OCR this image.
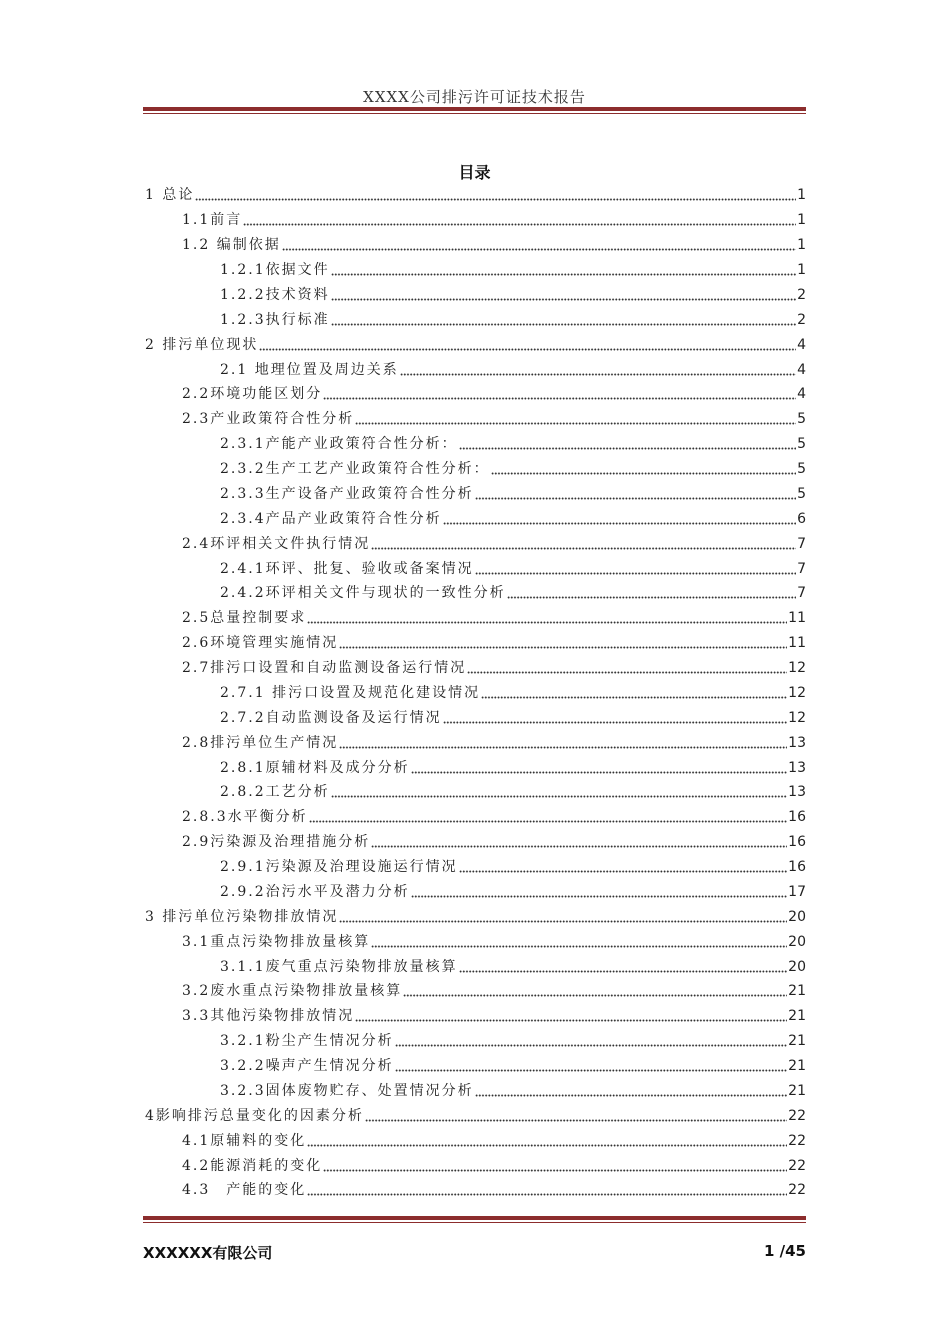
XXXX公司排污许可证技术报告
目录
1 总论	1
1.1前言	1
1.2 编制依据	1
1.2.1依据文件	1
1.2.2技术资料	2
1.2.3执行标准	2
2 排污单位现状	4
2.1 地理位置及周边关系	4
2.2环境功能区划分	4
2.3产业政策符合性分析	5
2.3.1产能产业政策符合性分析：	5
2.3.2生产工艺产业政策符合性分析：	5
2.3.3生产设备产业政策符合性分析	5
2.3.4产品产业政策符合性分析	6
2.4环评相关文件执行情况	7
2.4.1环评、批复、验收或备案情况	7
2.4.2环评相关文件与现状的一致性分析	7
2.5总量控制要求	11
2.6环境管理实施情况	11
2.7排污口设置和自动监测设备运行情况	12
2.7.1 排污口设置及规范化建设情况	12
2.7.2自动监测设备及运行情况	12
2.8排污单位生产情况	13
2.8.1原辅材料及成分分析	13
2.8.2工艺分析	13
2.8.3水平衡分析	16
2.9污染源及治理措施分析	16
2.9.1污染源及治理设施运行情况	16
2.9.2治污水平及潜力分析	17
3 排污单位污染物排放情况	20
3.1重点污染物排放量核算	20
3.1.1废气重点污染物排放量核算	20
3.2废水重点污染物排放量核算	21
3.3其他污染物排放情况	21
3.2.1粉尘产生情况分析	21
3.2.2噪声产生情况分析	21
3.2.3固体废物贮存、处置情况分析	21
4影响排污总量变化的因素分析	22
4.1原辅料的变化	22
4.2能源消耗的变化	22
4.3　产能的变化	22
XXXXXX有限公司	1 /45
